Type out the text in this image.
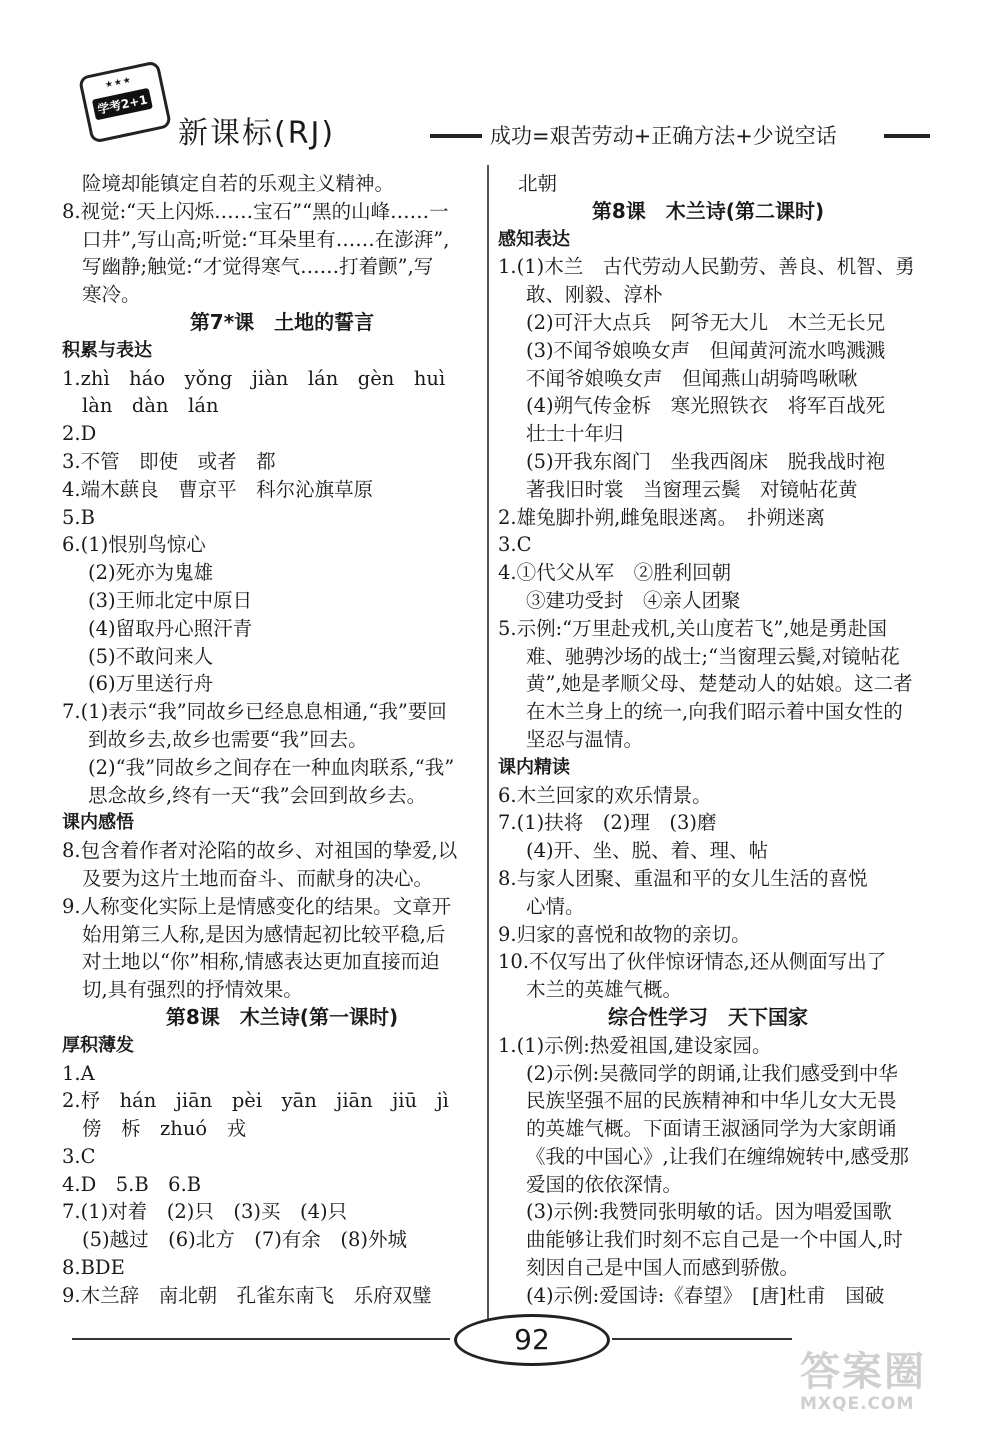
★★★
学考2+1
新课标(RJ)	成功=艰苦劳动+正确方法+少说空话
险境却能镇定自若的乐观主义精神。
8.视觉:“天上闪烁……宝石”“黑的山峰……一
口井”,写山高;听觉:“耳朵里有……在澎湃”,
写幽静;触觉:“才觉得寒气……打着颤”,写
寒冷。
第7*课　土地的誓言
积累与表达
1.zhì　háo　yǒng　jiàn　lán　gèn　huì
làn　dàn　lán
2.D
3.不管　即使　或者　都
4.端木蕻良　曹京平　科尔沁旗草原
5.B
6.(1)恨别鸟惊心
(2)死亦为鬼雄
(3)王师北定中原日
(4)留取丹心照汗青
(5)不敢问来人
(6)万里送行舟
7.(1)表示“我”同故乡已经息息相通,“我”要回
到故乡去,故乡也需要“我”回去。
(2)“我”同故乡之间存在一种血肉联系,“我”
思念故乡,终有一天“我”会回到故乡去。
课内感悟
8.包含着作者对沦陷的故乡、对祖国的挚爱,以
及要为这片土地而奋斗、而献身的决心。
9.人称变化实际上是情感变化的结果。文章开
始用第三人称,是因为感情起初比较平稳,后
对土地以“你”相称,情感表达更加直接而迫
切,具有强烈的抒情效果。
第8课　木兰诗(第一课时)
厚积薄发
1.A
2.杼　hán　jiān　pèi　yān　jiān　jiū　jì
傍　柝　zhuó　戎
3.C
4.D　5.B　6.B
7.(1)对着　(2)只　(3)买　(4)只
(5)越过　(6)北方　(7)有余　(8)外城
8.BDE
9.木兰辞　南北朝　孔雀东南飞　乐府双璧
北朝
第8课　木兰诗(第二课时)
感知表达
1.(1)木兰　古代劳动人民勤劳、善良、机智、勇
敢、刚毅、淳朴
(2)可汗大点兵　阿爷无大儿　木兰无长兄
(3)不闻爷娘唤女声　但闻黄河流水鸣溅溅
不闻爷娘唤女声　但闻燕山胡骑鸣啾啾
(4)朔气传金柝　寒光照铁衣　将军百战死
壮士十年归
(5)开我东阁门　坐我西阁床　脱我战时袍
著我旧时裳　当窗理云鬓　对镜帖花黄
2.雄兔脚扑朔,雌兔眼迷离。　扑朔迷离
3.C
4.①代父从军　②胜利回朝
③建功受封　④亲人团聚
5.示例:“万里赴戎机,关山度若飞”,她是勇赴国
难、驰骋沙场的战士;“当窗理云鬓,对镜帖花
黄”,她是孝顺父母、楚楚动人的姑娘。这二者
在木兰身上的统一,向我们昭示着中国女性的
坚忍与温情。
课内精读
6.木兰回家的欢乐情景。
7.(1)扶将　(2)理　(3)磨
(4)开、坐、脱、着、理、帖
8.与家人团聚、重温和平的女儿生活的喜悦
心情。
9.归家的喜悦和故物的亲切。
10.不仅写出了伙伴惊讶情态,还从侧面写出了
木兰的英雄气概。
综合性学习　天下国家
1.(1)示例:热爱祖国,建设家园。
(2)示例:吴薇同学的朗诵,让我们感受到中华
民族坚强不屈的民族精神和中华儿女大无畏
的英雄气概。下面请王淑涵同学为大家朗诵
《我的中国心》,让我们在缠绵婉转中,感受那
爱国的依依深情。
(3)示例:我赞同张明敏的话。因为唱爱国歌
曲能够让我们时刻不忘自己是一个中国人,时
刻因自己是中国人而感到骄傲。
(4)示例:爱国诗:《春望》　[唐]杜甫　国破
92
答案圈
MXQE.COM
